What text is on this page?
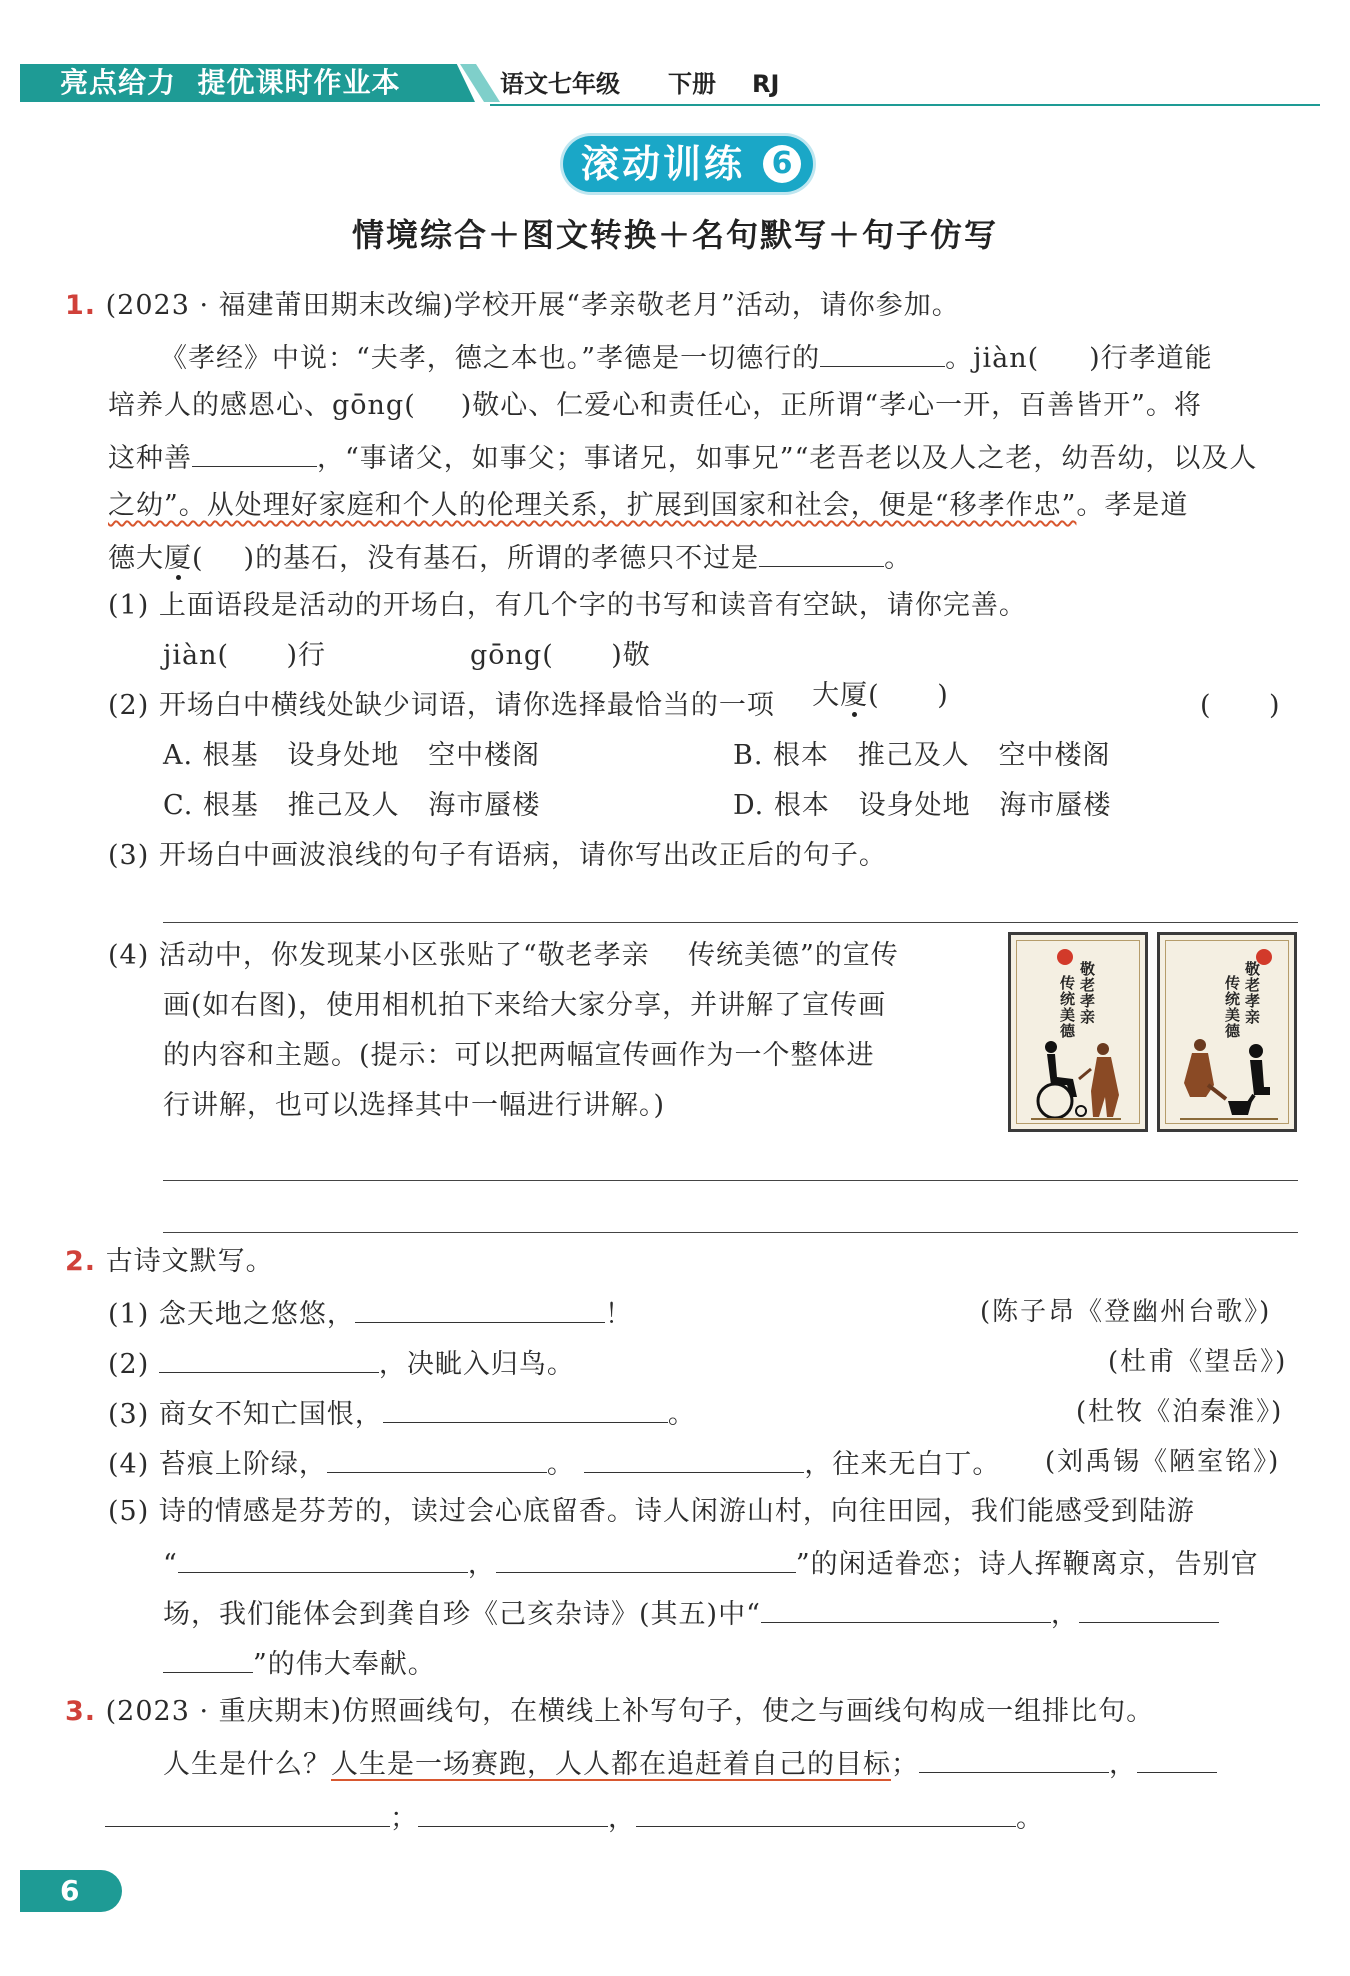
亮点给力  提优课时作业本	语文七年级 下册 RJ
滚动训练 6
情境综合＋图文转换＋名句默写＋句子仿写
1. (2023 · 福建莆田期末改编)学校开展“孝亲敬老月”活动，请你参加。
《孝经》中说：“夫孝，德之本也。”孝德是一切德行的	。jiàn( )行孝道能
培养人的感恩心、gōng( )敬心、仁爱心和责任心，正所谓“孝心一开，百善皆开”。将
这种善	，“事诸父，如事父；事诸兄，如事兄”“老吾老以及人之老，幼吾幼，以及人
之幼”。从处理好家庭和个人的伦理关系，扩展到国家和社会，便是“移孝作忠”。孝是道
德大厦( )的基石，没有基石，所谓的孝德只不过是	。
(1) 上面语段是活动的开场白，有几个字的书写和读音有空缺，请你完善。
jiàn(      )行	gōng(      )敬

大厦(      )

(2) 开场白中横线处缺少词语，请你选择最恰当的一项	(      )
A. 根基   设身处地   空中楼阁	B. 根本   推己及人   空中楼阁
C. 根基   推己及人   海市蜃楼	D. 根本   设身处地   海市蜃楼
(3) 开场白中画波浪线的句子有语病，请你写出改正后的句子。
(4) 活动中，你发现某小区张贴了“敬老孝亲    传统美德”的宣传
画(如右图)，使用相机拍下来给大家分享，并讲解了宣传画
的内容和主题。(提示：可以把两幅宣传画作为一个整体进
行讲解，也可以选择其中一幅进行讲解。)
敬老孝亲
传统美德	敬老孝亲
传统美德
2. 古诗文默写。
(1) 念天地之悠悠，	！	(陈子昂《登幽州台歌》)
(2)	，决眦入归鸟。	(杜甫《望岳》)
(3) 商女不知亡国恨，	。	(杜牧《泊秦淮》)
(4) 苔痕上阶绿，	。	，往来无白丁。 (刘禹锡《陋室铭》)
(5) 诗的情感是芬芳的，读过会心底留香。诗人闲游山村，向往田园，我们能感受到陆游
“	，	”的闲适眷恋；诗人挥鞭离京，告别官
场，我们能体会到龚自珍《己亥杂诗》(其五)中“	，
”的伟大奉献。
3. (2023 · 重庆期末)仿照画线句，在横线上补写句子，使之与画线句构成一组排比句。
人生是什么？人生是一场赛跑，人人都在追赶着自己的目标；	，
；	，	。
6
